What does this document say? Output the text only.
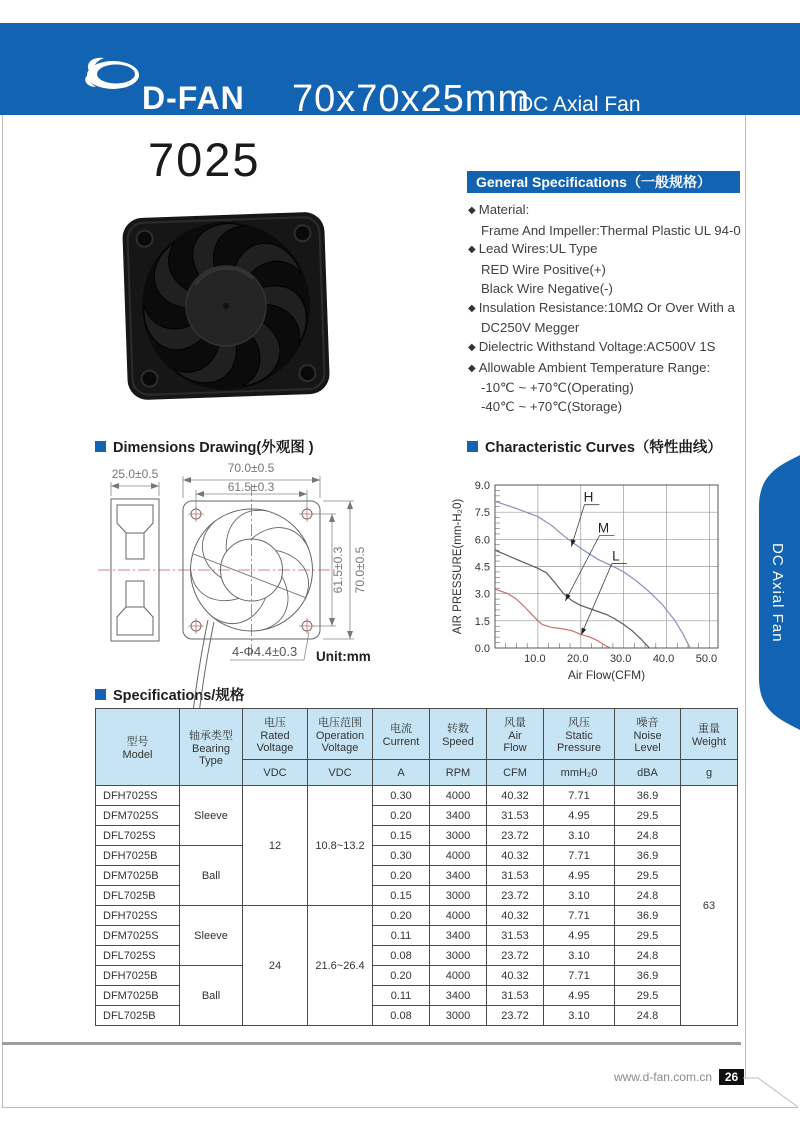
D-FAN 70x70x25mm
DC Axial Fan
7025	General Specifications（一般规格）
◆ Material:
Frame And Impeller:Thermal Plastic UL 94-0
◆ Lead Wires:UL Type
RED Wire Positive(+)
Black Wire Negative(-)
◆ Insulation Resistance:10MΩ Or Over With a
DC250V Megger
◆ Dielectric Withstand Voltage:AC500V 1S
◆ Allowable Ambient Temperature Range:
-10℃ ~ +70℃(Operating)
-40℃ ~ +70℃(Storage)
Dimensions Drawing(外观图 )	Characteristic Curves（特性曲线）
Specifications/规格
25.0±0.5	70.0±0.5
61.5±0.3
61.5±0.3 70.0±0.5
4-Φ4.4±0.3 Unit:mm	0.0
1.5
3.0
4.5
6.0
7.5
9.0
10.0 20.0 30.0 40.0 50.0
Air Flow(CFM)
AIR PRESSURE(mm-H₂0)
H
M
L
型号
Model

轴承类型
Bearing
Type

电压
Rated
Voltage

电压范围
Operation
Voltage

电流
Current

转数
Speed

风量
Air
Flow

风压
Static
Pressure

噪音
Noise
Level

重量
Weight

		VDC	VDC	A	RPM	CFM	mmH₂0	dBA	g
DFH7025S	Sleeve	12	10.8~13.2	0.30	4000	40.32	7.71	36.9	63
DFM7025S				0.20	3400	31.53	4.95	29.5	
DFL7025S				0.15	3000	23.72	3.10	24.8	
DFH7025B	Ball			0.30	4000	40.32	7.71	36.9	
DFM7025B				0.20	3400	31.53	4.95	29.5	
DFL7025B				0.15	3000	23.72	3.10	24.8	
DFH7025S	Sleeve	24	21.6~26.4	0.20	4000	40.32	7.71	36.9	
DFM7025S				0.11	3400	31.53	4.95	29.5	
DFL7025S				0.08	3000	23.72	3.10	24.8	
DFH7025B	Ball			0.20	4000	40.32	7.71	36.9	
DFM7025B				0.11	3400	31.53	4.95	29.5	
DFL7025B				0.08	3000	23.72	3.10	24.8	
www.d-fan.com.cn	26
DC Axial Fan
